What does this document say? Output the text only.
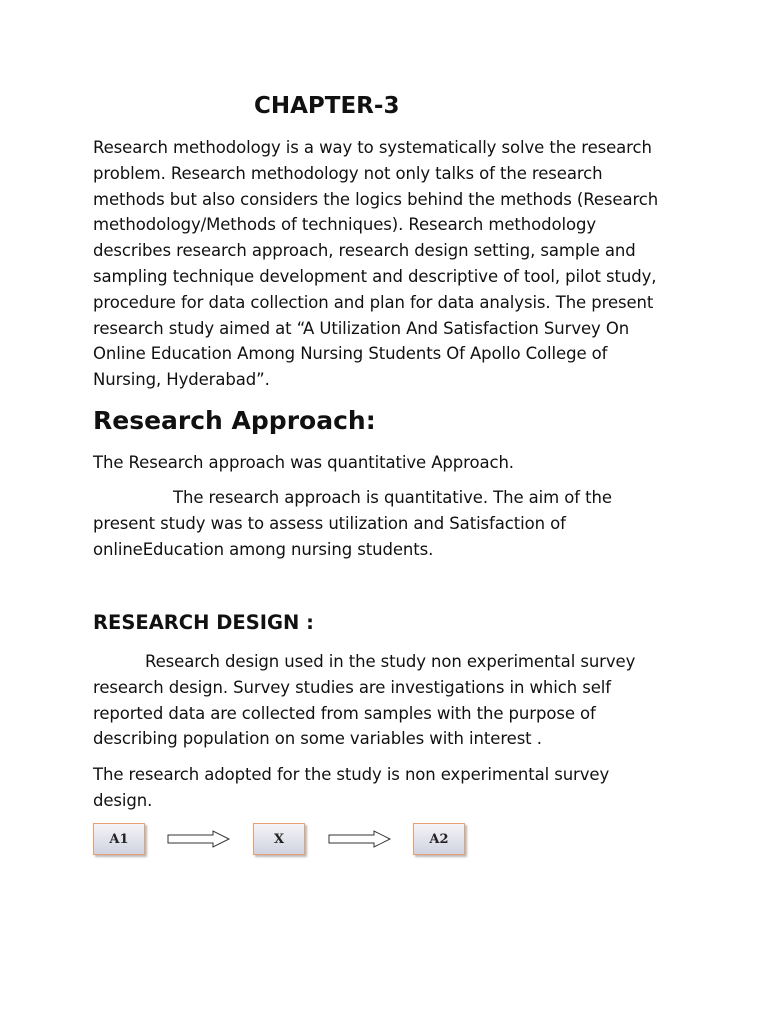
CHAPTER-3
Research methodology is a way to systematically solve the research
problem. Research methodology not only talks of the research
methods but also considers the logics behind the methods (Research
methodology/Methods of techniques). Research methodology
describes research approach, research design setting, sample and
sampling technique development and descriptive of tool, pilot study,
procedure for data collection and plan for data analysis. The present
research study aimed at “A Utilization And Satisfaction Survey On
Online Education Among Nursing Students Of Apollo College of
Nursing, Hyderabad”.
Research Approach:
The Research approach was quantitative Approach.
The research approach is quantitative. The aim of the
present study was to assess utilization and Satisfaction of
onlineEducation among nursing students.
RESEARCH DESIGN :
Research design used in the study non experimental survey
research design. Survey studies are investigations in which self
reported data are collected from samples with the purpose of
describing population on some variables with interest .
The research adopted for the study is non experimental survey
design.
A1	X	A2
